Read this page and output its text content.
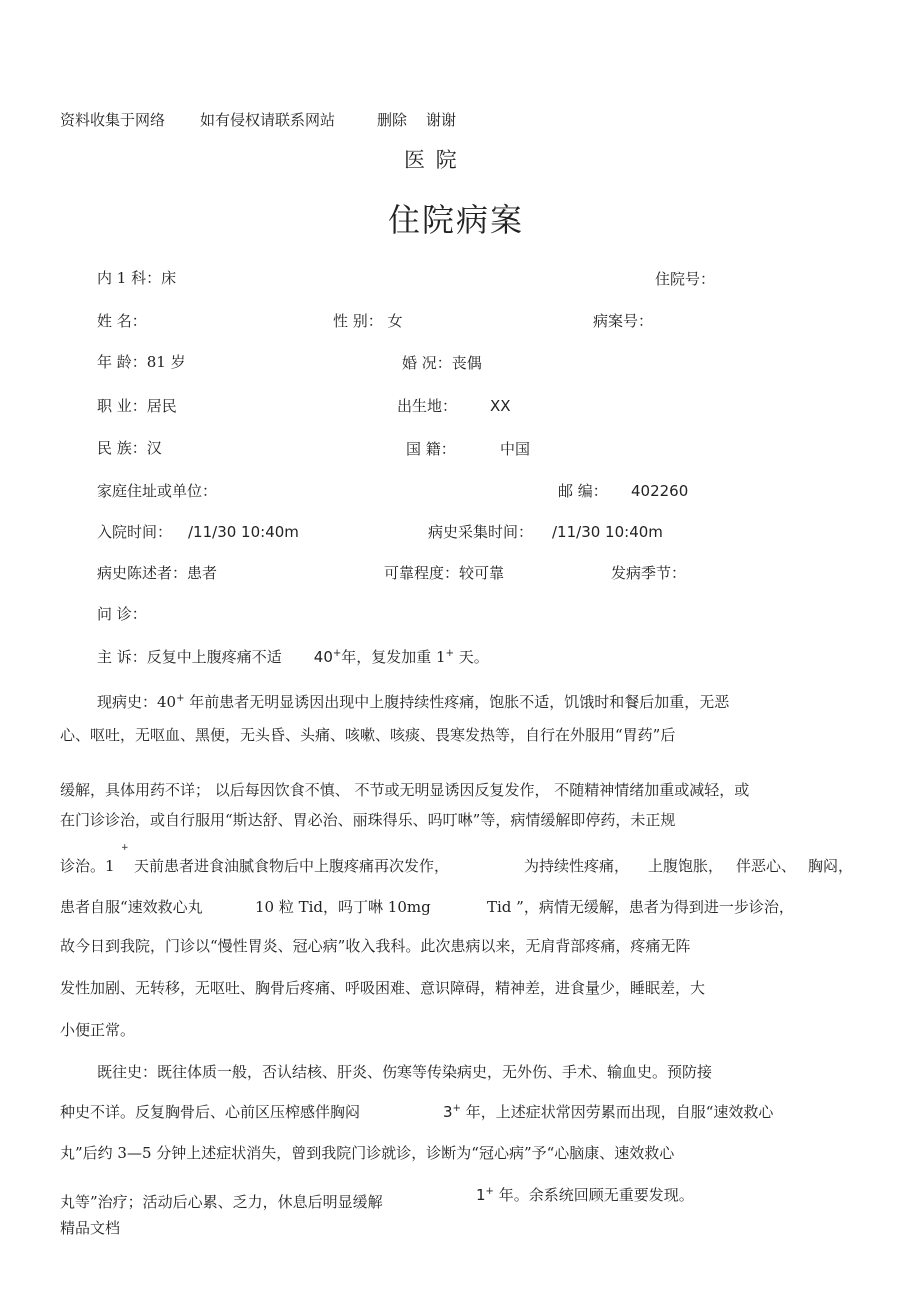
资料收集于网络 如有侵权请联系网站	删除 谢谢
医 院
住院病案
内 1 科：床	住院号：
姓 名：	性 别： 女	病案号：
年 龄：81 岁	婚 况：丧偶
职 业：居民	出生地： XX
民 族：汉	国 籍：	中国
家庭住址或单位：	邮 编： 402260
入院时间： /11/30 10:40m	病史采集时间： /11/30 10:40m
病史陈述者：患者	可靠程度：较可靠	发病季节：
问 诊：
主 诉：反复中上腹疼痛不适 40+年，复发加重 1+ 天。
现病史：40+ 年前患者无明显诱因出现中上腹持续性疼痛，饱胀不适，饥饿时和餐后加重，无恶
心、呕吐，无呕血、黑便，无头昏、头痛、咳嗽、咳痰、畏寒发热等，自行在外服用“胃药”后
缓解，具体用药不详； 以后每因饮食不慎、 不节或无明显诱因反复发作， 不随精神情绪加重或减轻，或
在门诊诊治，或自行服用“斯达舒、胃必治、丽珠得乐、吗叮啉”等，病情缓解即停药，未正规
+
诊治。1 天前患者进食油腻食物后中上腹疼痛再次发作，	为持续性疼痛， 上腹饱胀， 伴恶心、 胸闷，
患者自服“速效救心丸	10 粒 Tid，吗丁啉 10mg	Tid ”，病情无缓解，患者为得到进一步诊治，
故今日到我院，门诊以“慢性胃炎、冠心病”收入我科。此次患病以来，无肩背部疼痛，疼痛无阵
发性加剧、无转移，无呕吐、胸骨后疼痛、呼吸困难、意识障碍，精神差，进食量少，睡眠差，大
小便正常。
既往史：既往体质一般，否认结核、肝炎、伤寒等传染病史，无外伤、手术、输血史。预防接
种史不详。反复胸骨后、心前区压榨感伴胸闷	3+ 年，上述症状常因劳累而出现，自服“速效救心
丸”后约 3—5 分钟上述症状消失，曾到我院门诊就诊，诊断为“冠心病”予“心脑康、速效救心
丸等”治疗；活动后心累、乏力，休息后明显缓解	1+ 年。余系统回顾无重要发现。
精品文档
